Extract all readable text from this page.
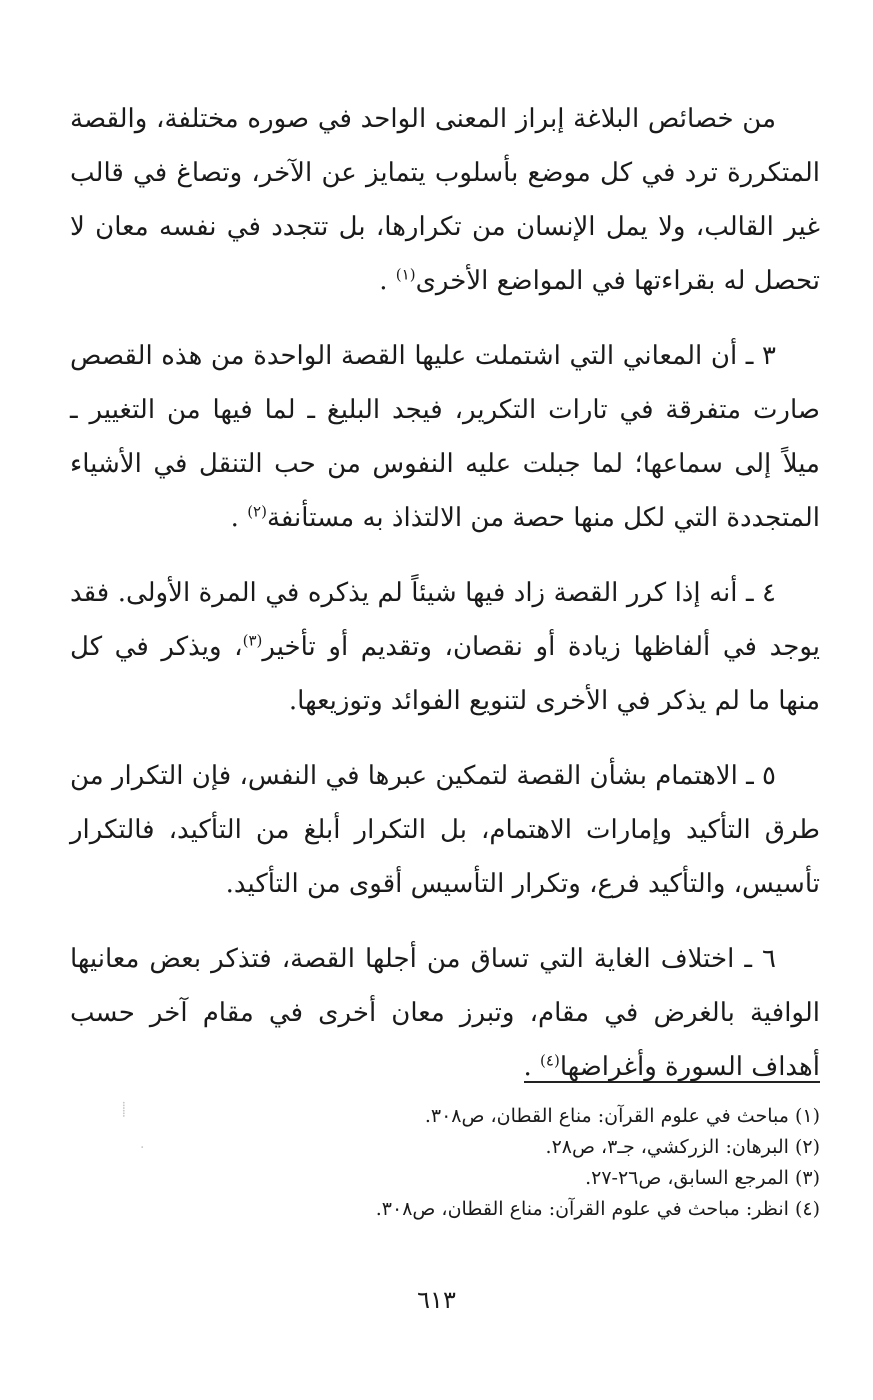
من خصائص البلاغة إبراز المعنى الواحد في صوره مختلفة، والقصة المتكررة ترد في كل موضع بأسلوب يتمايز عن الآخر، وتصاغ في قالب غير القالب، ولا يمل الإنسان من تكرارها، بل تتجدد في نفسه معان لا تحصل له بقراءتها في المواضع الأخرى$^{(١)}$ .

٣ ـ أن المعاني التي اشتملت عليها القصة الواحدة من هذه القصص صارت متفرقة في تارات التكرير، فيجد البليغ ـ لما فيها من التغيير ـ ميلاً إلى سماعها؛ لما جبلت عليه النفوس من حب التنقل في الأشياء المتجددة التي لكل منها حصة من الالتذاذ به مستأنفة$^{(٢)}$ .

٤ ـ أنه إذا كرر القصة زاد فيها شيئاً لم يذكره في المرة الأولى. فقد يوجد في ألفاظها زيادة أو نقصان، وتقديم أو تأخير$^{(٣)}$، ويذكر في كل منها ما لم يذكر في الأخرى لتنويع الفوائد وتوزيعها.

٥ ـ الاهتمام بشأن القصة لتمكين عبرها في النفس، فإن التكرار من طرق التأكيد وإمارات الاهتمام، بل التكرار أبلغ من التأكيد، فالتكرار تأسيس، والتأكيد فرع، وتكرار التأسيس أقوى من التأكيد.

٦ ـ اختلاف الغاية التي تساق من أجلها القصة، فتذكر بعض معانيها الوافية بالغرض في مقام، وتبرز معان أخرى في مقام آخر حسب أهداف السورة وأغراضها$^{(٤)}$ .

(١) مباحث في علوم القرآن: مناع القطان، ص٣٠٨.

(٢) البرهان: الزركشي، جـ٣، ص٢٨.

(٣) المرجع السابق، ص٢٦-٢٧.

(٤) انظر: مباحث في علوم القرآن: مناع القطان، ص٣٠٨.

٦١٣
⸽
·
